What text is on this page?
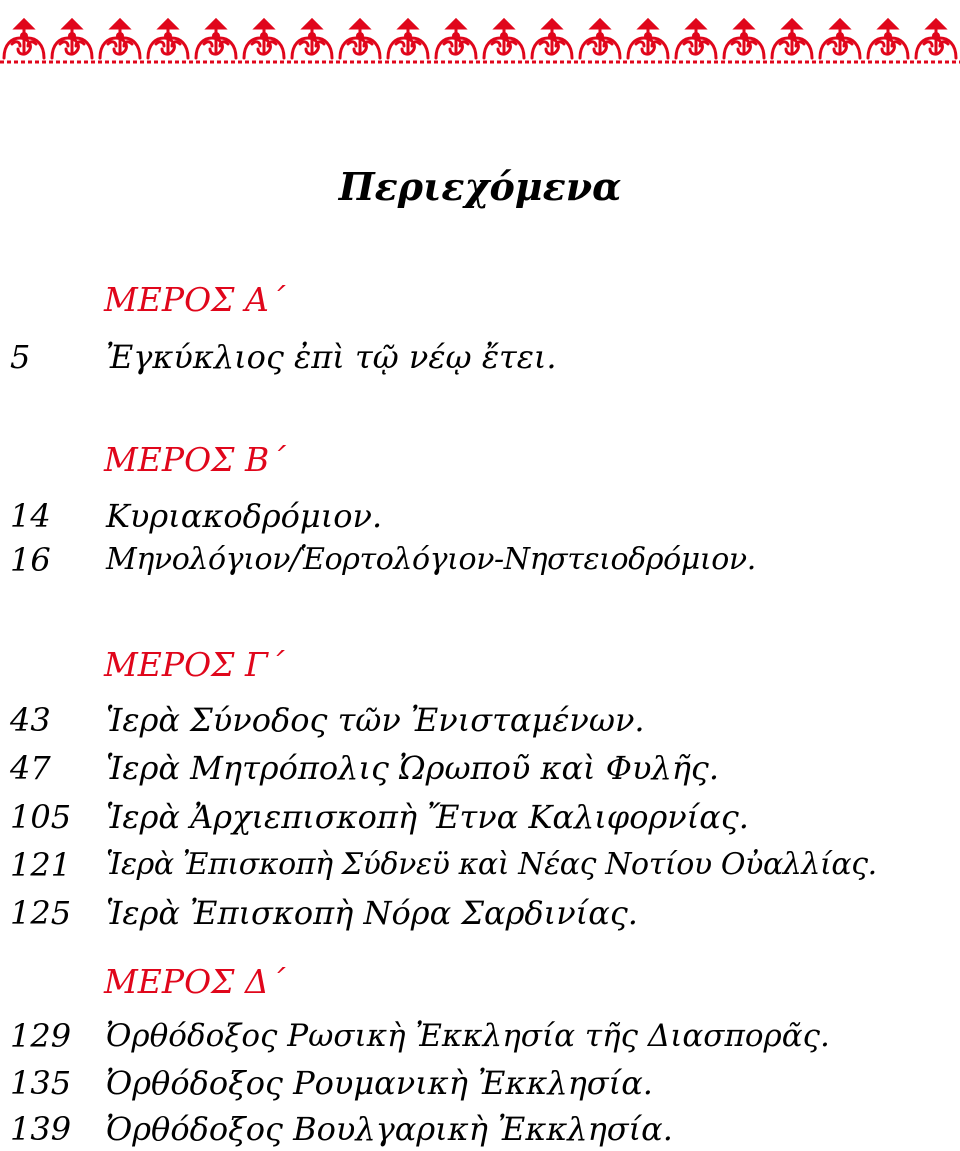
Περιεχόμενα
ΜΕΡΟΣ Α΄
5 Ἐγκύκλιος ἐπὶ τῷ νέῳ ἔτει.
ΜΕΡΟΣ Β΄
14 Κυριακοδρόμιον.
16 Μηνολόγιον/Ἑορτολόγιον-Νηστειοδρόμιον.
ΜΕΡΟΣ Γ΄
43 Ἱερὰ Σύνοδος τῶν Ἐνισταμένων.
47 Ἱερὰ Μητρόπολις Ὠρωποῦ καὶ Φυλῆς.
105 Ἱερὰ Ἀρχιεπισκοπὴ Ἔτνα Καλιφορνίας.
121 Ἱερὰ Ἐπισκοπὴ Σύδνεϋ καὶ Νέας Νοτίου Οὐαλλίας.
125 Ἱερὰ Ἐπισκοπὴ Νόρα Σαρδινίας.
ΜΕΡΟΣ Δ΄
129 Ὀρθόδοξος Ρωσικὴ Ἐκκλησία τῆς Διασπορᾶς.
135 Ὀρθόδοξος Ρουμανικὴ Ἐκκλησία.
139 Ὀρθόδοξος Βουλγαρικὴ Ἐκκλησία.
